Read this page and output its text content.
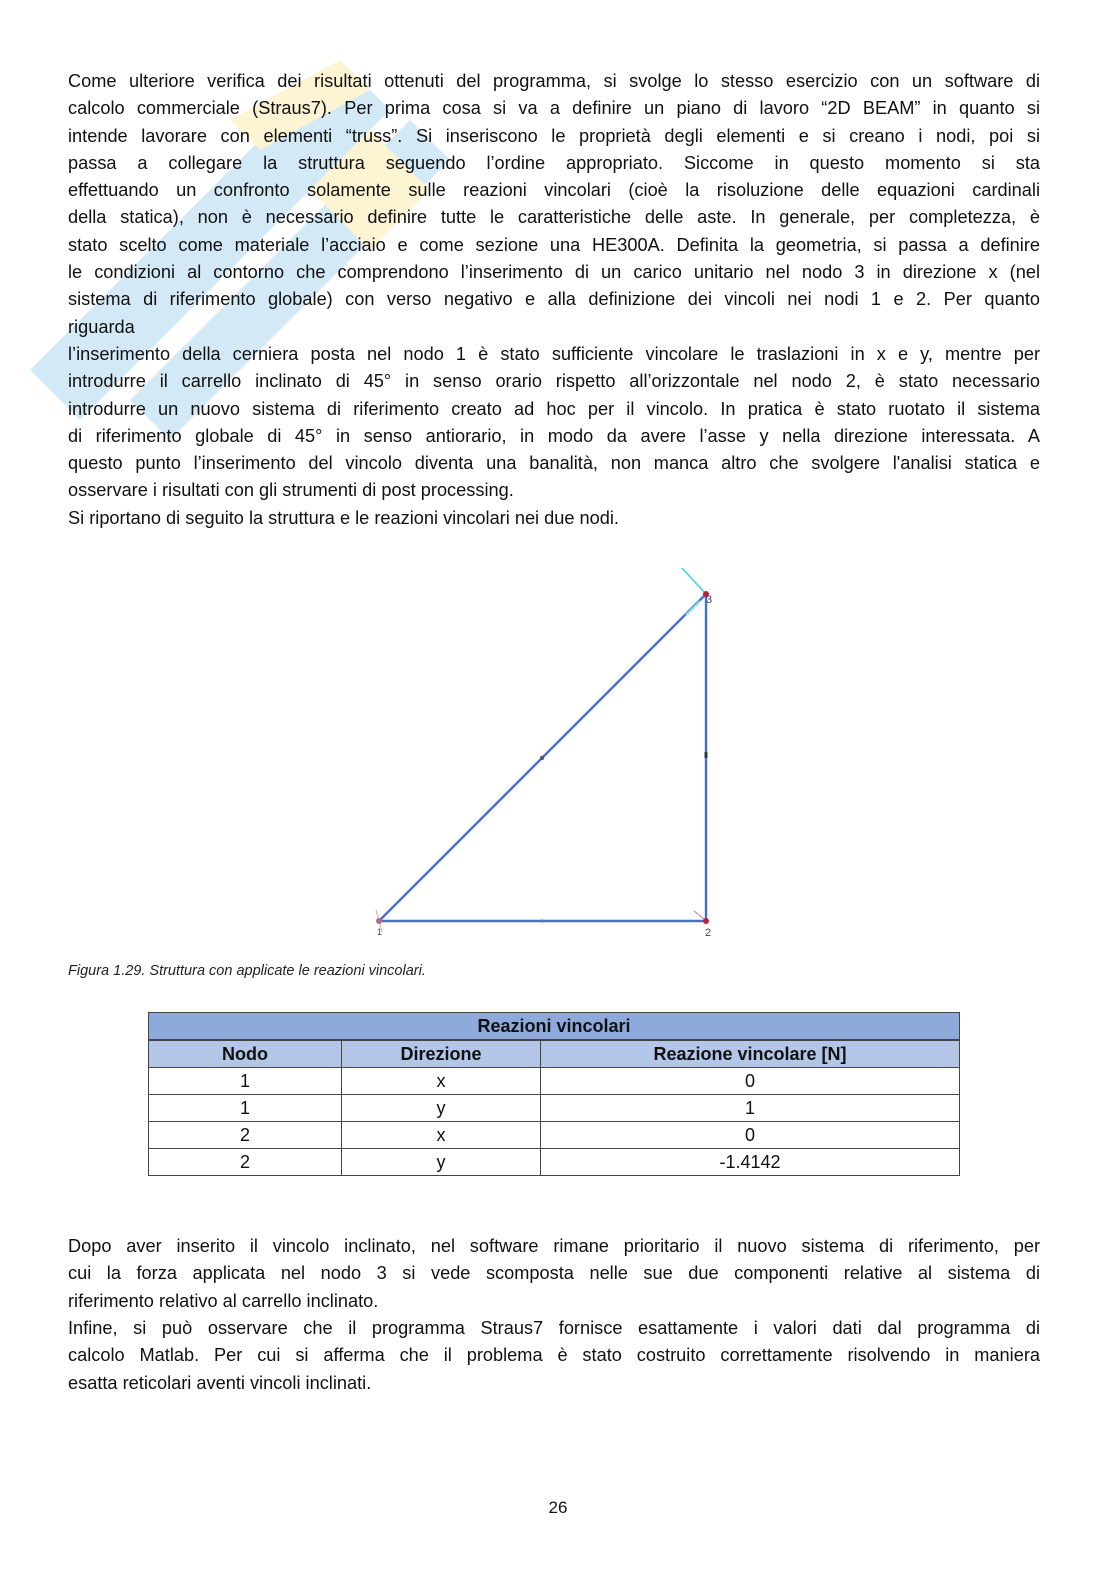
Come ulteriore verifica dei risultati ottenuti del programma, si svolge lo stesso esercizio con un software di
calcolo commerciale (Straus7). Per prima cosa si va a definire un piano di lavoro “2D BEAM” in quanto si
intende lavorare con elementi “truss”. Si inseriscono le proprietà degli elementi e si creano i nodi, poi si
passa a collegare la struttura seguendo l’ordine appropriato. Siccome in questo momento si sta
effettuando un confronto solamente sulle reazioni vincolari (cioè la risoluzione delle equazioni cardinali
della statica), non è necessario definire tutte le caratteristiche delle aste. In generale, per completezza, è
stato scelto come materiale l’acciaio e come sezione una HE300A. Definita la geometria, si passa a definire
le condizioni al contorno che comprendono l’inserimento di un carico unitario nel nodo 3 in direzione x (nel
sistema di riferimento globale) con verso negativo e alla definizione dei vincoli nei nodi 1 e 2. Per quanto
riguarda
l’inserimento della cerniera posta nel nodo 1 è stato sufficiente vincolare le traslazioni in x e y, mentre per
introdurre il carrello inclinato di 45° in senso orario rispetto all’orizzontale nel nodo 2, è stato necessario
introdurre un nuovo sistema di riferimento creato ad hoc per il vincolo. In pratica è stato ruotato il sistema
di riferimento globale di 45° in senso antiorario, in modo da avere l’asse y nella direzione interessata. A
questo punto l’inserimento del vincolo diventa una banalità, non manca altro che svolgere l'analisi statica e
osservare i risultati con gli strumenti di post processing.
Si riportano di seguito la struttura e le reazioni vincolari nei due nodi.
1	2
3
Figura 1.29. Struttura con applicate le reazioni vincolari.
Reazioni vincolari		
Nodo	Direzione	Reazione vincolare [N]
1	x	0
1	y	1
2	x	0
2	y	-1.4142
Dopo aver inserito il vincolo inclinato, nel software rimane prioritario il nuovo sistema di riferimento, per
cui la forza applicata nel nodo 3 si vede scomposta nelle sue due componenti relative al sistema di
riferimento relativo al carrello inclinato.
Infine, si può osservare che il programma Straus7 fornisce esattamente i valori dati dal programma di
calcolo Matlab. Per cui si afferma che il problema è stato costruito correttamente risolvendo in maniera
esatta reticolari aventi vincoli inclinati.
26
